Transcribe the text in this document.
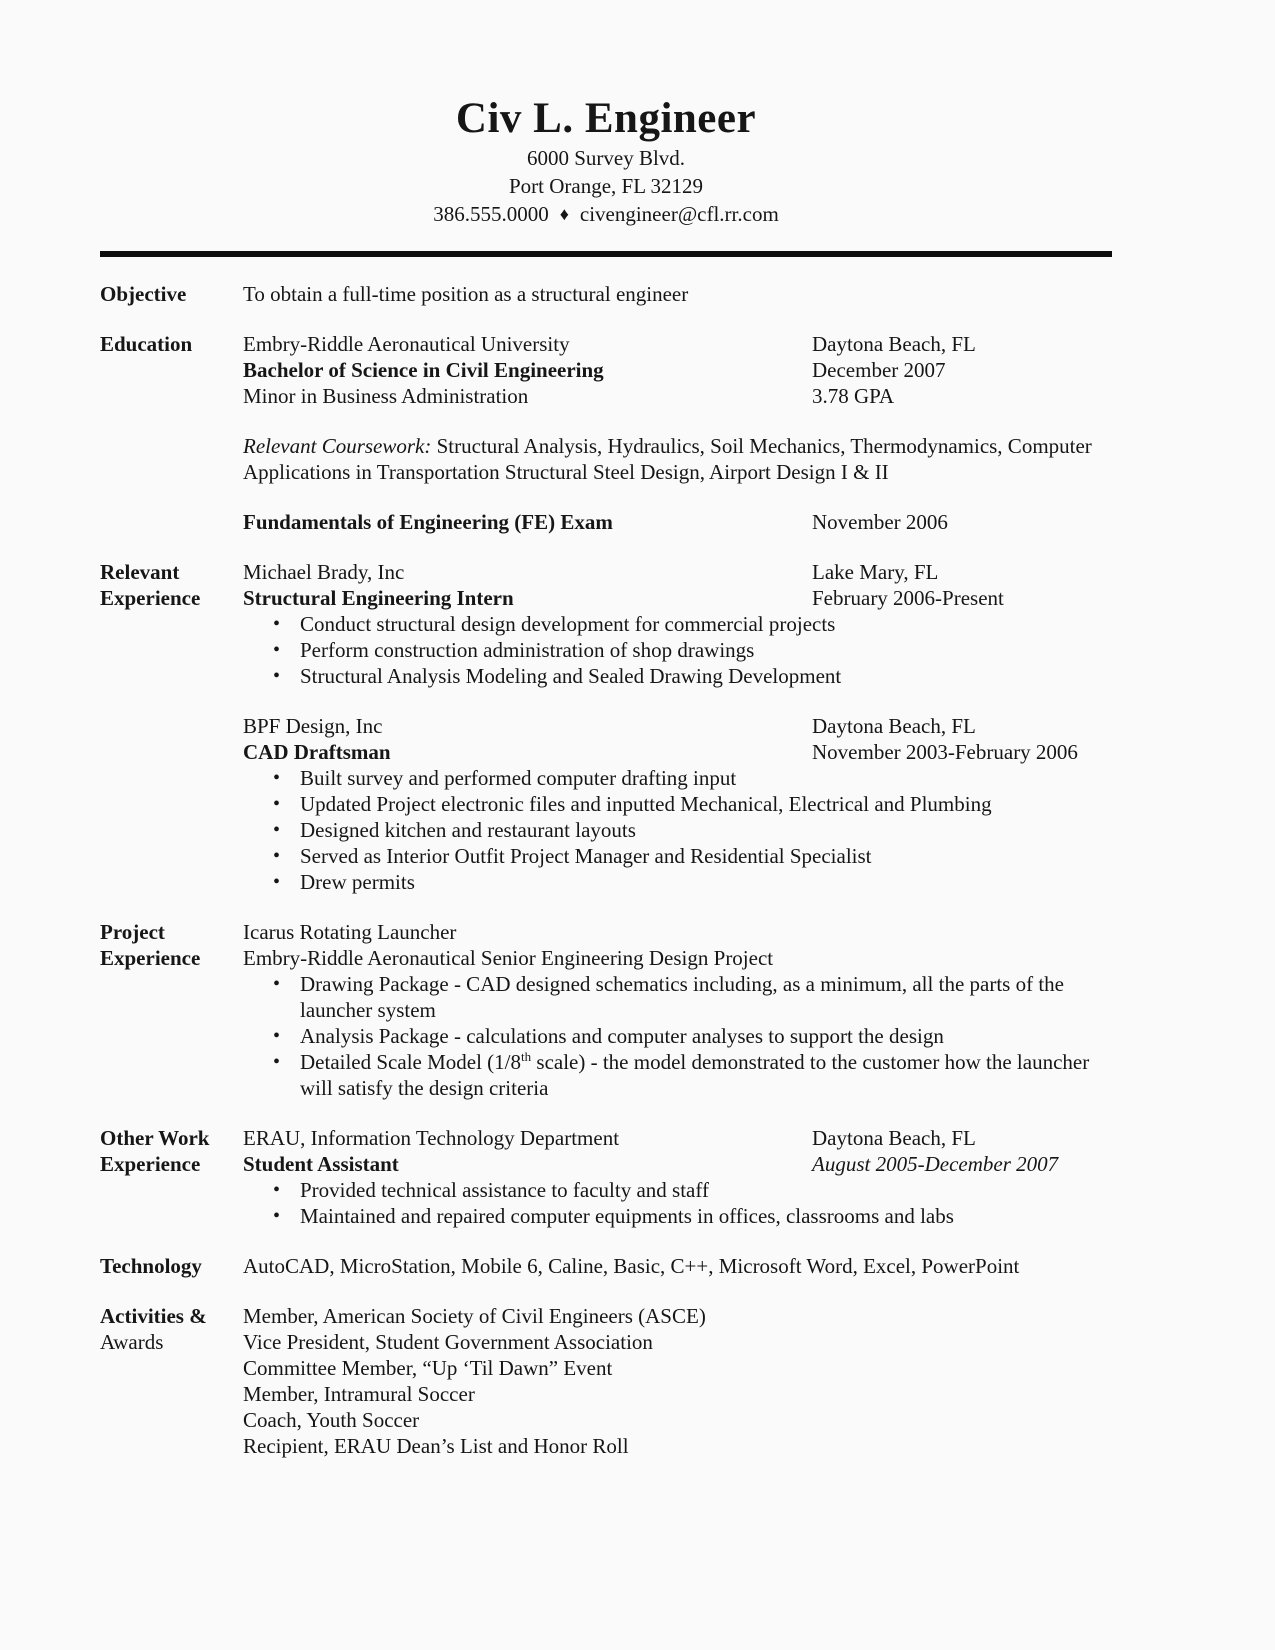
Civ L. Engineer
6000 Survey Blvd.
Port Orange, FL 32129
386.555.0000 ♦ civengineer@cfl.rr.com
Objective	To obtain a full-time position as a structural engineer
Education	Embry-Riddle Aeronautical University	Daytona Beach, FL
Bachelor of Science in Civil Engineering	December 2007
Minor in Business Administration	3.78 GPA

Relevant Coursework: Structural Analysis, Hydraulics, Soil Mechanics, Thermodynamics, Computer Applications in Transportation Structural Steel Design, Airport Design I & II

Fundamentals of Engineering (FE) Exam	November 2006
Relevant
Experience
Michael Brady, Inc	Lake Mary, FL
Structural Engineering Intern	February 2006-Present
• Conduct structural design development for commercial projects
• Perform construction administration of shop drawings
• Structural Analysis Modeling and Sealed Drawing Development
BPF Design, Inc	Daytona Beach, FL
CAD Draftsman	November 2003-February 2006
• Built survey and performed computer drafting input
• Updated Project electronic files and inputted Mechanical, Electrical and Plumbing
• Designed kitchen and restaurant layouts
• Served as Interior Outfit Project Manager and Residential Specialist
• Drew permits
Project
Experience
Icarus Rotating Launcher
Embry-Riddle Aeronautical Senior Engineering Design Project
• Drawing Package - CAD designed schematics including, as a minimum, all the parts of the launcher system
• Analysis Package - calculations and computer analyses to support the design
• Detailed Scale Model (1/8th scale) - the model demonstrated to the customer how the launcher will satisfy the design criteria
Other Work
Experience
ERAU, Information Technology Department	Daytona Beach, FL
Student Assistant	August 2005-December 2007
• Provided technical assistance to faculty and staff
• Maintained and repaired computer equipments in offices, classrooms and labs
Technology	AutoCAD, MicroStation, Mobile 6, Caline, Basic, C++, Microsoft Word, Excel, PowerPoint
Activities &
Awards
Member, American Society of Civil Engineers (ASCE)
Vice President, Student Government Association
Committee Member, “Up ‘Til Dawn” Event
Member, Intramural Soccer
Coach, Youth Soccer
Recipient, ERAU Dean’s List and Honor Roll
